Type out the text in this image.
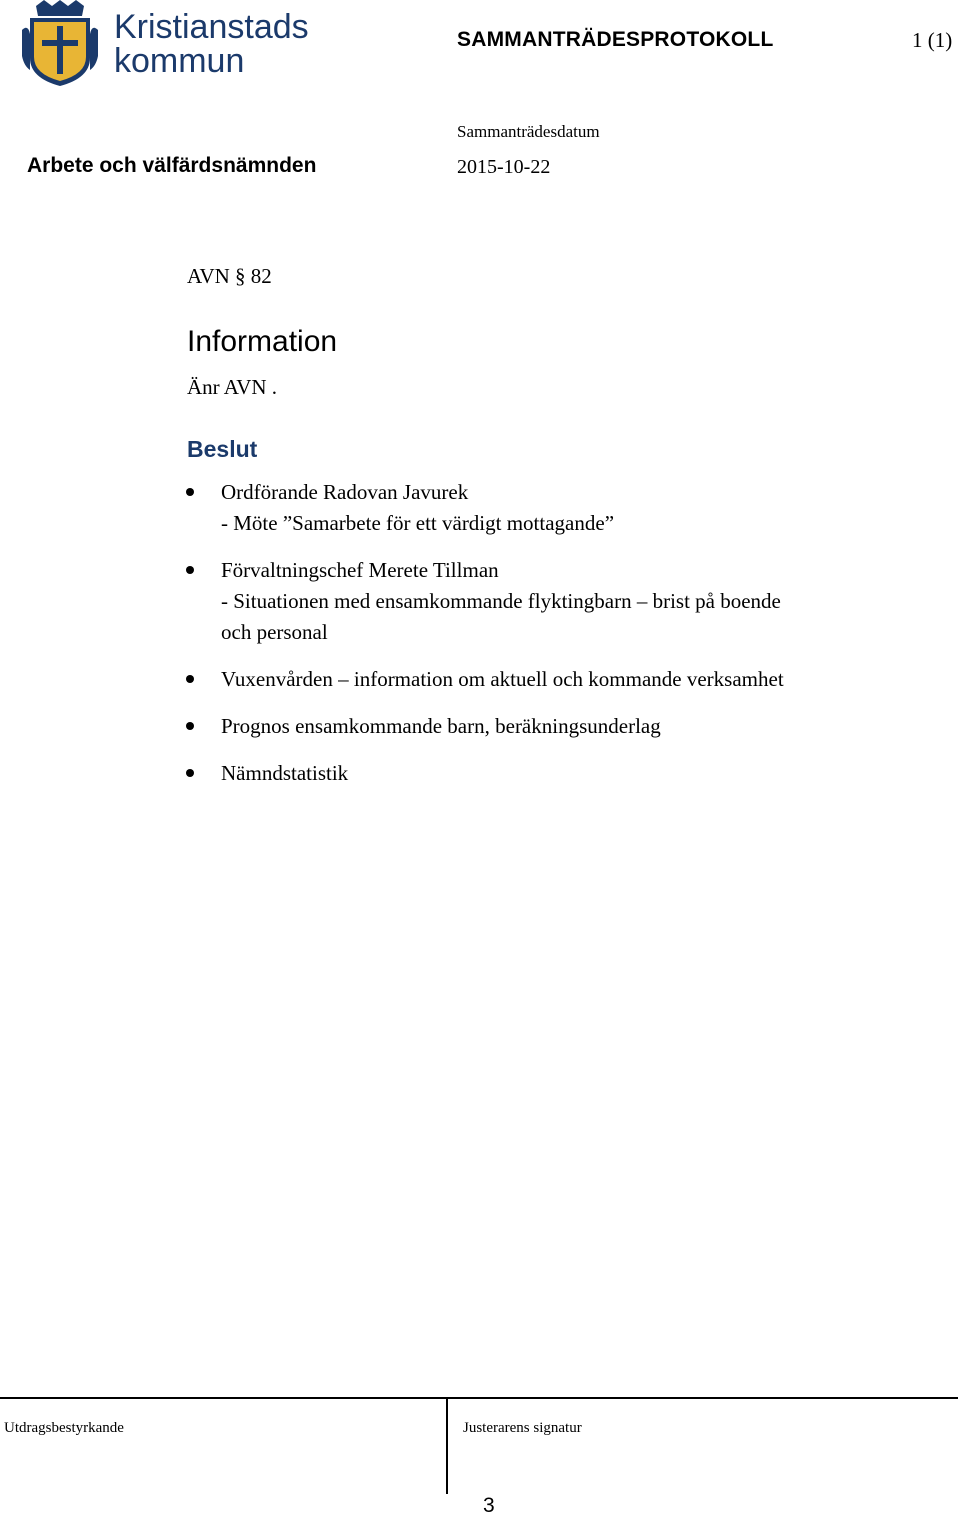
Kristianstads
kommun
SAMMANTRÄDESPROTOKOLL	1 (1)
Sammanträdesdatum
Arbete och välfärdsnämnden	2015-10-22
AVN § 82
Information
Änr AVN .
Beslut
Ordförande Radovan Javurek
- Möte ”Samarbete för ett värdigt mottagande”
Förvaltningschef Merete Tillman
- Situationen med ensamkommande flyktingbarn – brist på boende
och personal
Vuxenvården – information om aktuell och kommande verksamhet
Prognos ensamkommande barn, beräkningsunderlag
Nämndstatistik
Utdragsbestyrkande	Justerarens signatur
3
